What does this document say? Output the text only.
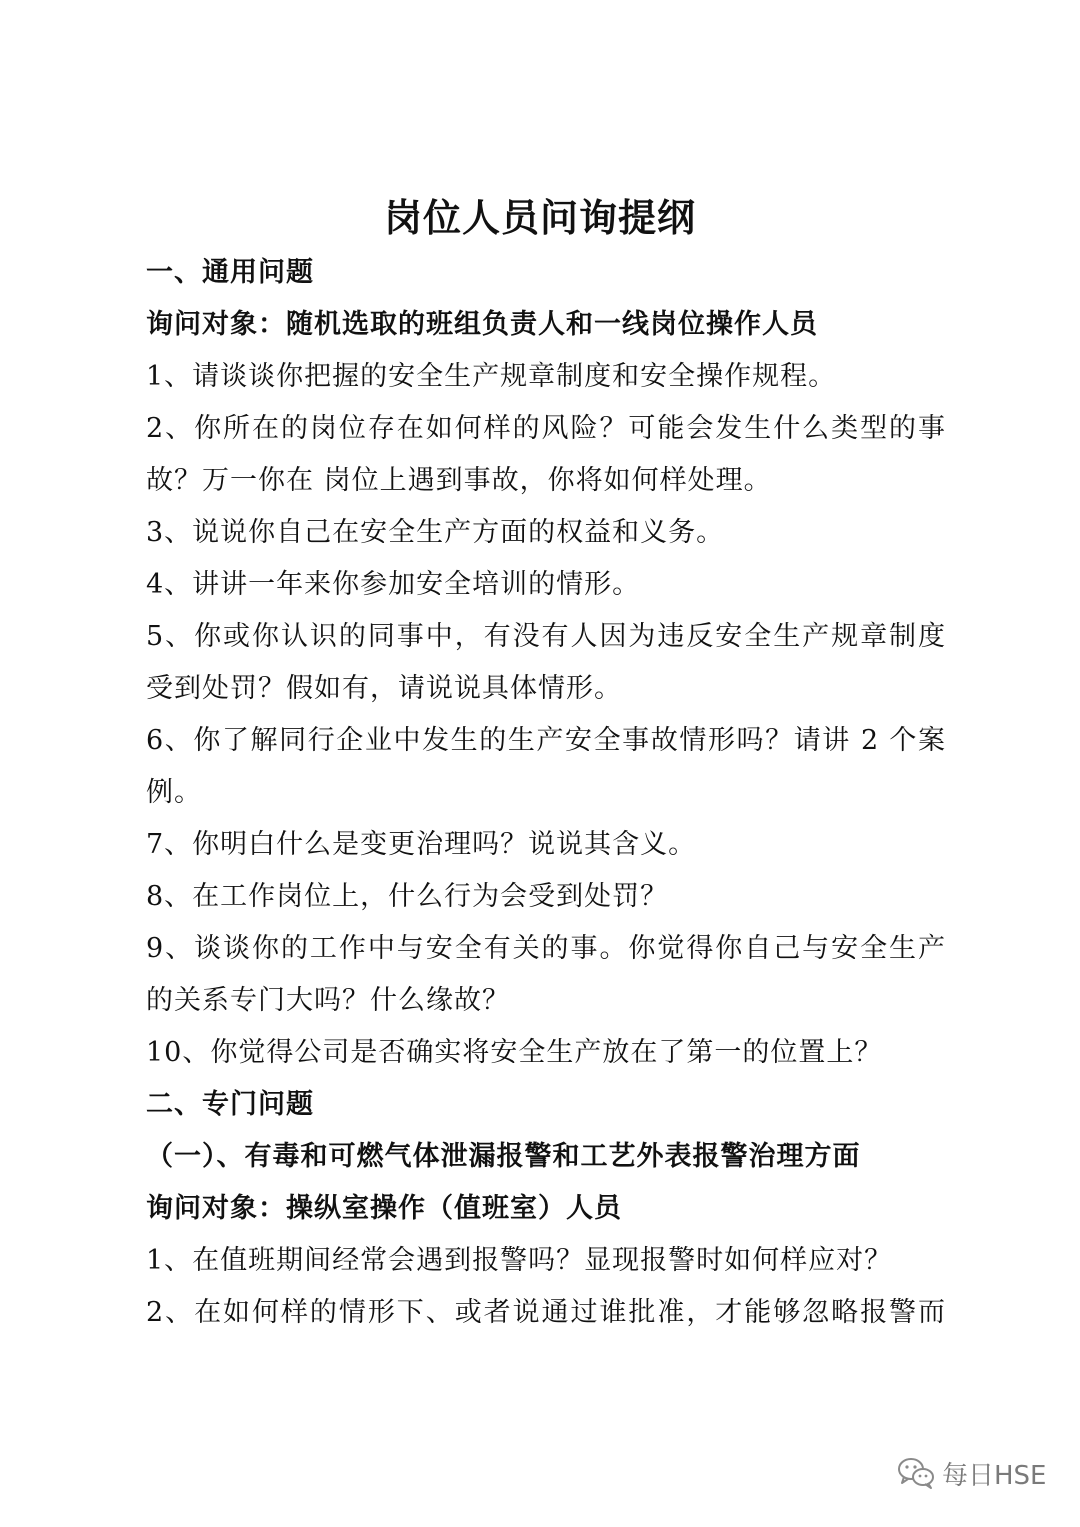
岗位人员问询提纲
一、通用问题
询问对象：随机选取的班组负责人和一线岗位操作人员
1、请谈谈你把握的安全生产规章制度和安全操作规程。
2、你所在的岗位存在如何样的风险？可能会发生什么类型的事
故？万一你在 岗位上遇到事故，你将如何样处理。
3、说说你自己在安全生产方面的权益和义务。
4、讲讲一年来你参加安全培训的情形。
5、你或你认识的同事中，有没有人因为违反安全生产规章制度
受到处罚？假如有，请说说具体情形。
6、你了解同行企业中发生的生产安全事故情形吗？请讲 2 个案
例。
7、你明白什么是变更治理吗？说说其含义。
8、在工作岗位上，什么行为会受到处罚？
9、谈谈你的工作中与安全有关的事。你觉得你自己与安全生产
的关系专门大吗？什么缘故？
10、你觉得公司是否确实将安全生产放在了第一的位置上？
二、专门问题
（一）、有毒和可燃气体泄漏报警和工艺外表报警治理方面
询问对象：操纵室操作（值班室）人员
1、在值班期间经常会遇到报警吗？显现报警时如何样应对？
2、在如何样的情形下、或者说通过谁批准，才能够忽略报警而
每日HSE
